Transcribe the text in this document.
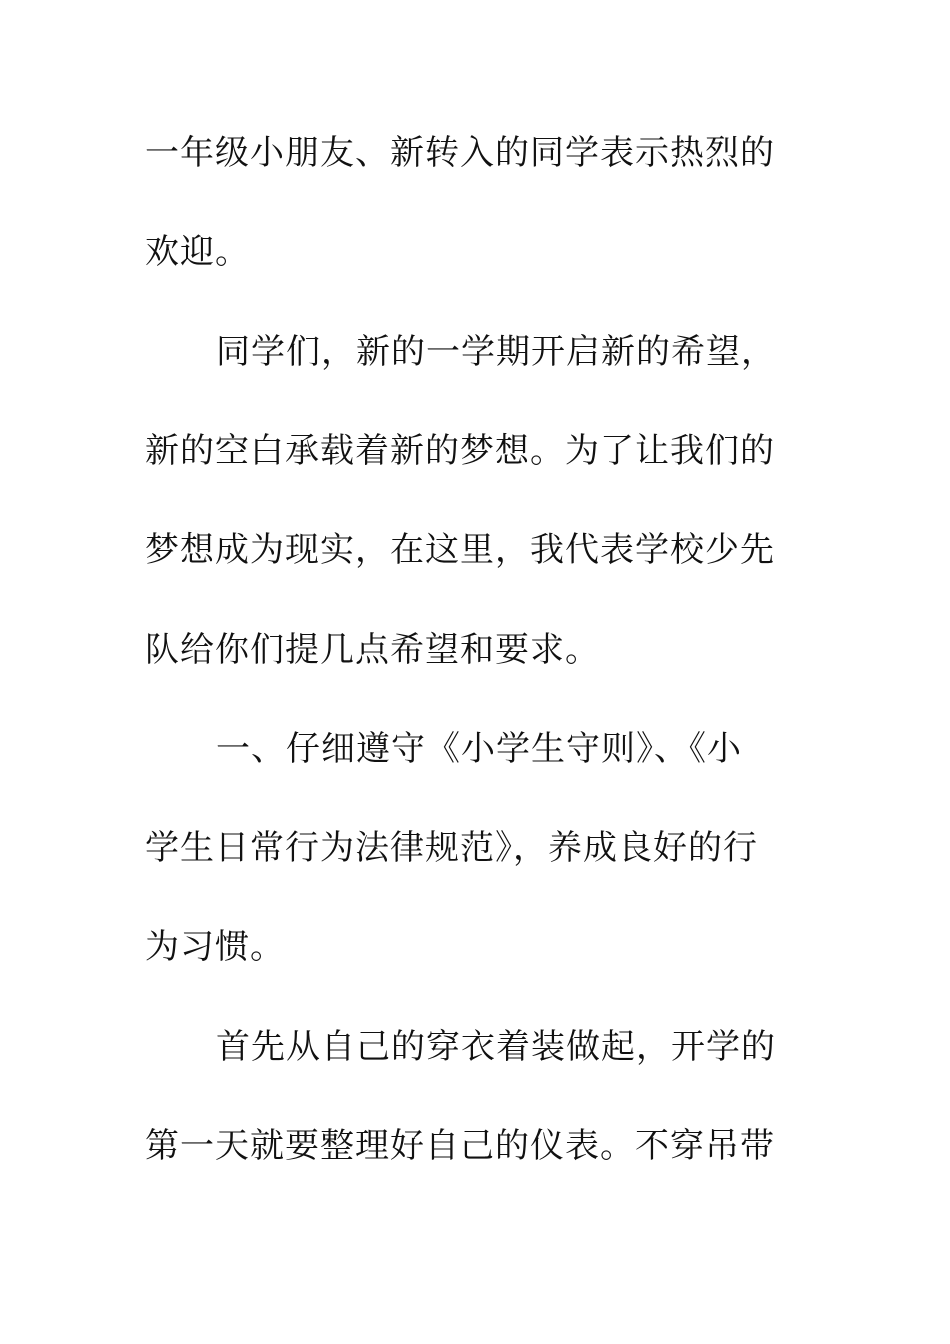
一年级小朋友、新转入的同学表示热烈的
欢迎。
同学们，新的一学期开启新的希望，
新的空白承载着新的梦想。为了让我们的
梦想成为现实，在这里，我代表学校少先
队给你们提几点希望和要求。
一、仔细遵守《小学生守则》、《小
学生日常行为法律规范》，养成良好的行
为习惯。
首先从自己的穿衣着装做起，开学的
第一天就要整理好自己的仪表。不穿吊带
